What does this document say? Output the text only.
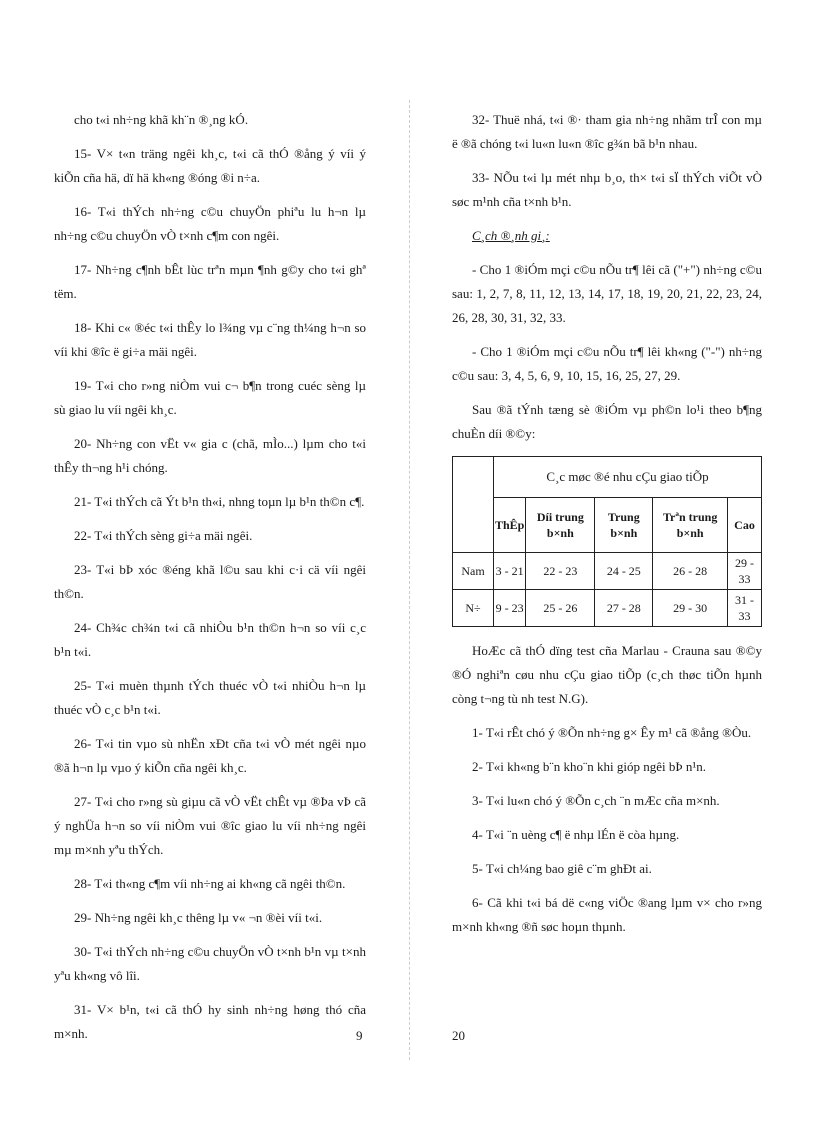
cho t«i nh÷ng khã kh¨n ®¸ng kÓ.

15- V× t«n träng ngêi kh¸c, t«i cã thÓ ®ång ý víi ý kiÕn cña hä, dï hä kh«ng ®óng ®i n÷a.

16- T«i thÝch nh÷ng c©u chuyÖn phiªu lu h¬n lµ nh÷ng c©u chuyÖn vÒ t×nh c¶m con ngêi.

17- Nh÷ng c¶nh bÊt lùc trªn mµn ¶nh g©y cho t«i ghª tëm.

18- Khi c« ®éc t«i thÊy lo l¾ng vµ c¨ng th¼ng h¬n so víi khi ®îc ë gi÷a mäi ngêi.

19- T«i cho r»ng niÒm vui c¬ b¶n trong cuéc sèng lµ sù giao lu víi ngêi kh¸c.

20- Nh÷ng con vËt v« gia c (chã, mÌo...) lµm cho t«i thÊy th¬ng h¹i chóng.

21- T«i thÝch cã Ýt b¹n th«i, nhng toµn lµ b¹n th©n c¶.

22- T«i thÝch sèng gi÷a mäi ngêi.

23- T«i bÞ xóc ®éng khã l©u sau khi c·i cä víi ngêi th©n.

24- Ch¾c ch¾n t«i cã nhiÒu b¹n th©n h¬n so víi c¸c b¹n t«i.

25- T«i muèn thµnh tÝch thuéc vÒ t«i nhiÒu h¬n lµ thuéc vÒ c¸c b¹n t«i.

26- T«i tin vµo sù nhËn xÐt cña t«i vÒ mét ngêi nµo ®ã h¬n lµ vµo ý kiÕn cña ngêi kh¸c.

27- T«i cho r»ng sù giµu cã vÒ vËt chÊt vµ ®Þa vÞ cã ý nghÜa h¬n so víi niÒm vui ®îc giao lu víi nh÷ng ngêi mµ m×nh yªu thÝch.

28- T«i th«ng c¶m víi nh÷ng ai kh«ng cã ngêi th©n.

29- Nh÷ng ngêi kh¸c thêng lµ v« ¬n ®èi víi t«i.

30- T«i thÝch nh÷ng c©u chuyÖn vÒ t×nh b¹n vµ t×nh yªu kh«ng vô lîi.

31- V× b¹n, t«i cã thÓ hy sinh nh÷ng høng thó cña m×nh.	9

32- Thuë nhá, t«i ®· tham gia nh÷ng nhãm trÎ con mµ ë ®ã chóng t«i lu«n lu«n ®îc g¾n bã b¹n nhau.

33- NÕu t«i lµ mét nhµ b¸o, th× t«i sÏ thÝch viÕt vÒ søc m¹nh cña t×nh b¹n.

C¸ch ®¸nh gi¸:

- Cho 1 ®iÓm mçi c©u nÕu tr¶ lêi cã ("+") nh÷ng c©u sau: 1, 2, 7, 8, 11, 12, 13, 14, 17, 18, 19, 20, 21, 22, 23, 24, 26, 28, 30, 31, 32, 33.

- Cho 1 ®iÓm mçi c©u nÕu tr¶ lêi kh«ng ("-") nh÷ng c©u sau: 3, 4, 5, 6, 9, 10, 15, 16, 25, 27, 29.

Sau ®ã tÝnh tæng sè ®iÓm vµ ph©n lo¹i theo b¶ng chuÈn díi ®©y:

	C¸c møc ®é nhu cÇu giao tiÕp				
	ThÊp	Díi trung b×nh	Trung b×nh	Trªn trung b×nh	Cao
Nam	3 - 21	22 - 23	24 - 25	26 - 28	29 - 33
N÷	9 - 23	25 - 26	27 - 28	29 - 30	31 - 33

HoÆc cã thÓ dïng test cña Marlau - Crauna sau ®©y ®Ó nghiªn cøu nhu cÇu giao tiÕp (c¸ch thøc tiÕn hµnh còng t¬ng tù nh test N.G).

1- T«i rÊt chó ý ®Õn nh÷ng g× Êy m¹ cã ®ång ®Òu.

2- T«i kh«ng b¨n kho¨n khi gióp ngêi bÞ n¹n.

3- T«i lu«n chó ý ®Õn c¸ch ¨n mÆc cña m×nh.

4- T«i ¨n uèng c¶ ë nhµ lÉn ë còa hµng.

5- T«i ch¼ng bao giê c¨m ghÐt ai.

6- Cã khi t«i bá dë c«ng viÖc ®ang lµm v× cho r»ng m×nh kh«ng ®ñ søc hoµn thµnh.

20
